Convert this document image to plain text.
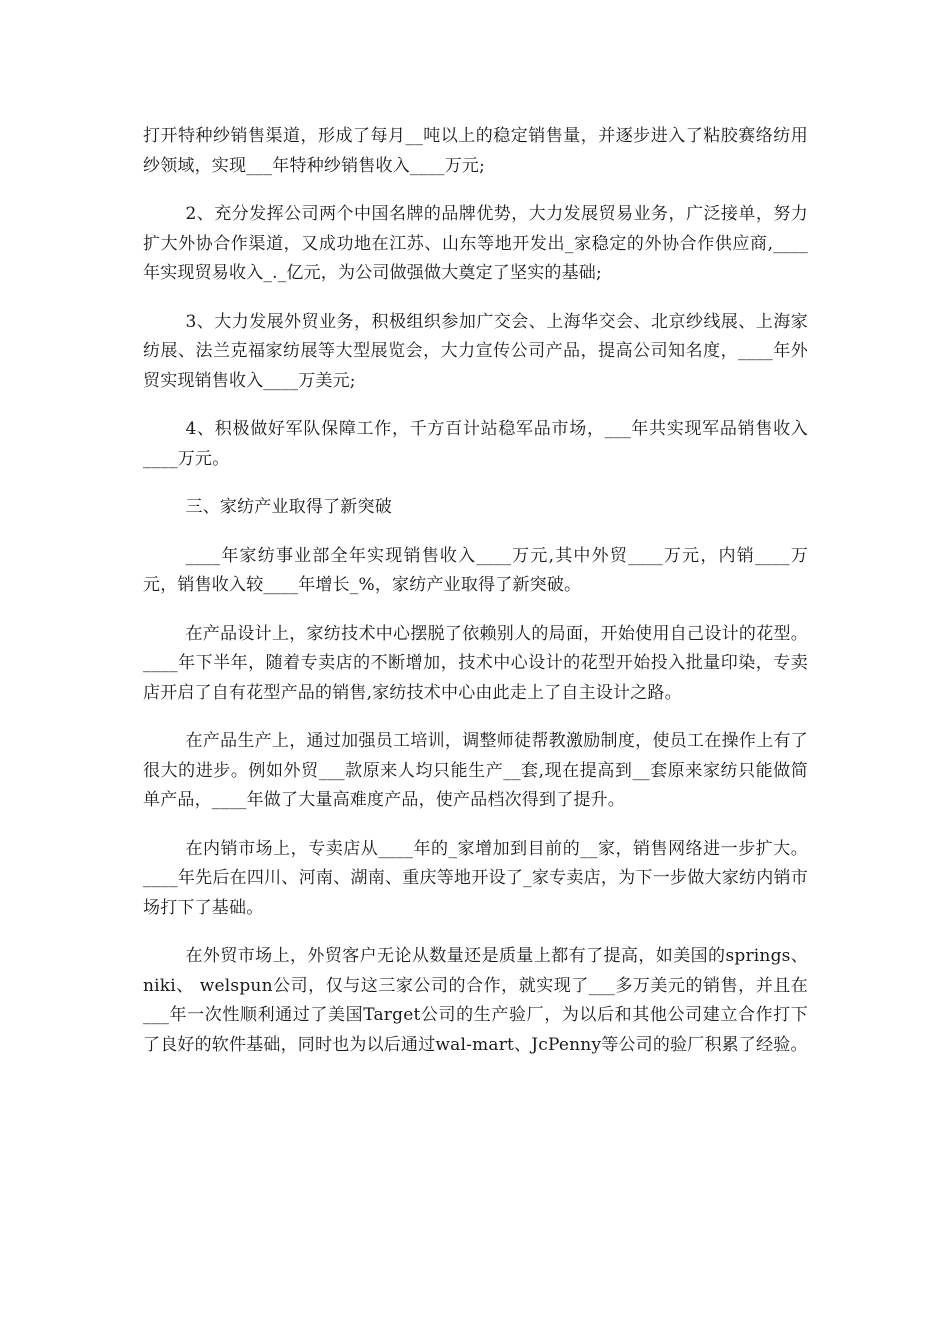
打开特种纱销售渠道，形成了每月__吨以上的稳定销售量，并逐步进入了粘胶赛络纺用纱领域，实现___年特种纱销售收入____万元;

2、充分发挥公司两个中国名牌的品牌优势，大力发展贸易业务，广泛接单，努力扩大外协合作渠道，又成功地在江苏、山东等地开发出_家稳定的外协合作供应商,____年实现贸易收入_._亿元，为公司做强做大奠定了坚实的基础;

3、大力发展外贸业务，积极组织参加广交会、上海华交会、北京纱线展、上海家纺展、法兰克福家纺展等大型展览会，大力宣传公司产品，提高公司知名度，____年外贸实现销售收入____万美元;

4、积极做好军队保障工作，千方百计站稳军品市场，___年共实现军品销售收入____万元。

三、家纺产业取得了新突破

____年家纺事业部全年实现销售收入____万元,其中外贸____万元，内销____万元，销售收入较____年增长_%，家纺产业取得了新突破。

在产品设计上，家纺技术中心摆脱了依赖别人的局面，开始使用自己设计的花型。____年下半年，随着专卖店的不断增加，技术中心设计的花型开始投入批量印染，专卖店开启了自有花型产品的销售,家纺技术中心由此走上了自主设计之路。

在产品生产上，通过加强员工培训，调整师徒帮教激励制度，使员工在操作上有了很大的进步。例如外贸___款原来人均只能生产__套,现在提高到__套原来家纺只能做简单产品，____年做了大量高难度产品，使产品档次得到了提升。

在内销市场上，专卖店从____年的_家增加到目前的__家，销售网络进一步扩大。____年先后在四川、河南、湖南、重庆等地开设了_家专卖店，为下一步做大家纺内销市场打下了基础。

在外贸市场上，外贸客户无论从数量还是质量上都有了提高，如美国的springs、 niki、 welspun公司，仅与这三家公司的合作，就实现了___多万美元的销售，并且在___年一次性顺利通过了美国Target公司的生产验厂，为以后和其他公司建立合作打下了良好的软件基础，同时也为以后通过wal-mart、JcPenny等公司的验厂积累了经验。
